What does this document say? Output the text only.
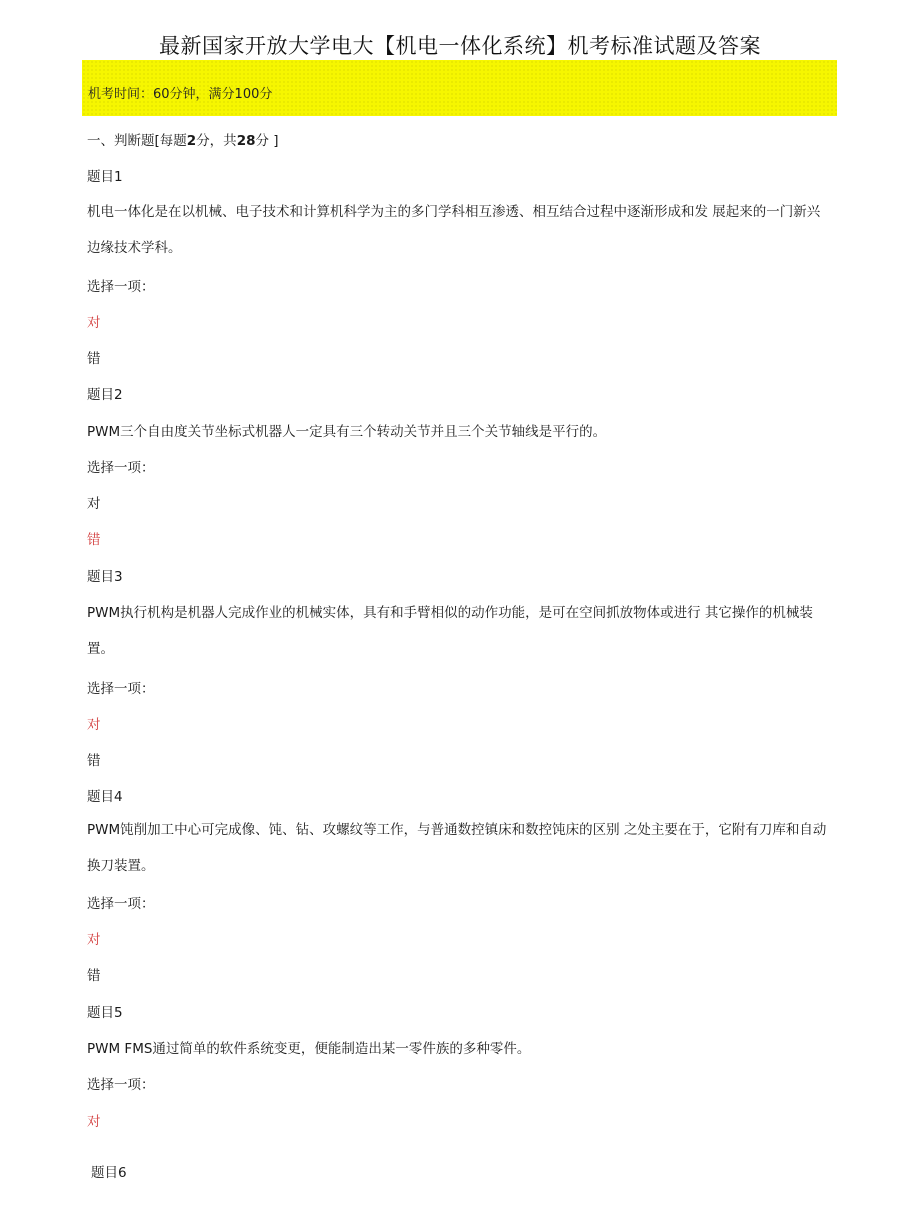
最新国家开放大学电大【机电一体化系统】机考标准试题及答案
机考时间：60分钟，满分100分
一、判断题[每题2分，共28分 ]
题目1
机电一体化是在以机械、电子技术和计算机科学为主的多门学科相互渗透、相互结合过程中逐渐形成和发 展起来的一门新兴边缘技术学科。
选择一项：
对
错
题目2
PWM三个自由度关节坐标式机器人一定具有三个转动关节并且三个关节轴线是平行的。
选择一项：
对
错
题目3
PWM执行机构是机器人完成作业的机械实体，具有和手臂相似的动作功能，是可在空间抓放物体或进行 其它操作的机械装置。
选择一项：
对
错
题目4
PWM饨削加工中心可完成像、饨、钻、攻螺纹等工作，与普通数控镇床和数控饨床的区别 之处主要在于，它附有刀库和自动换刀装置。
选择一项：
对
错
题目5
PWM FMS通过简单的软件系统变更，便能制造出某一零件族的多种零件。
选择一项：
对
题目6
